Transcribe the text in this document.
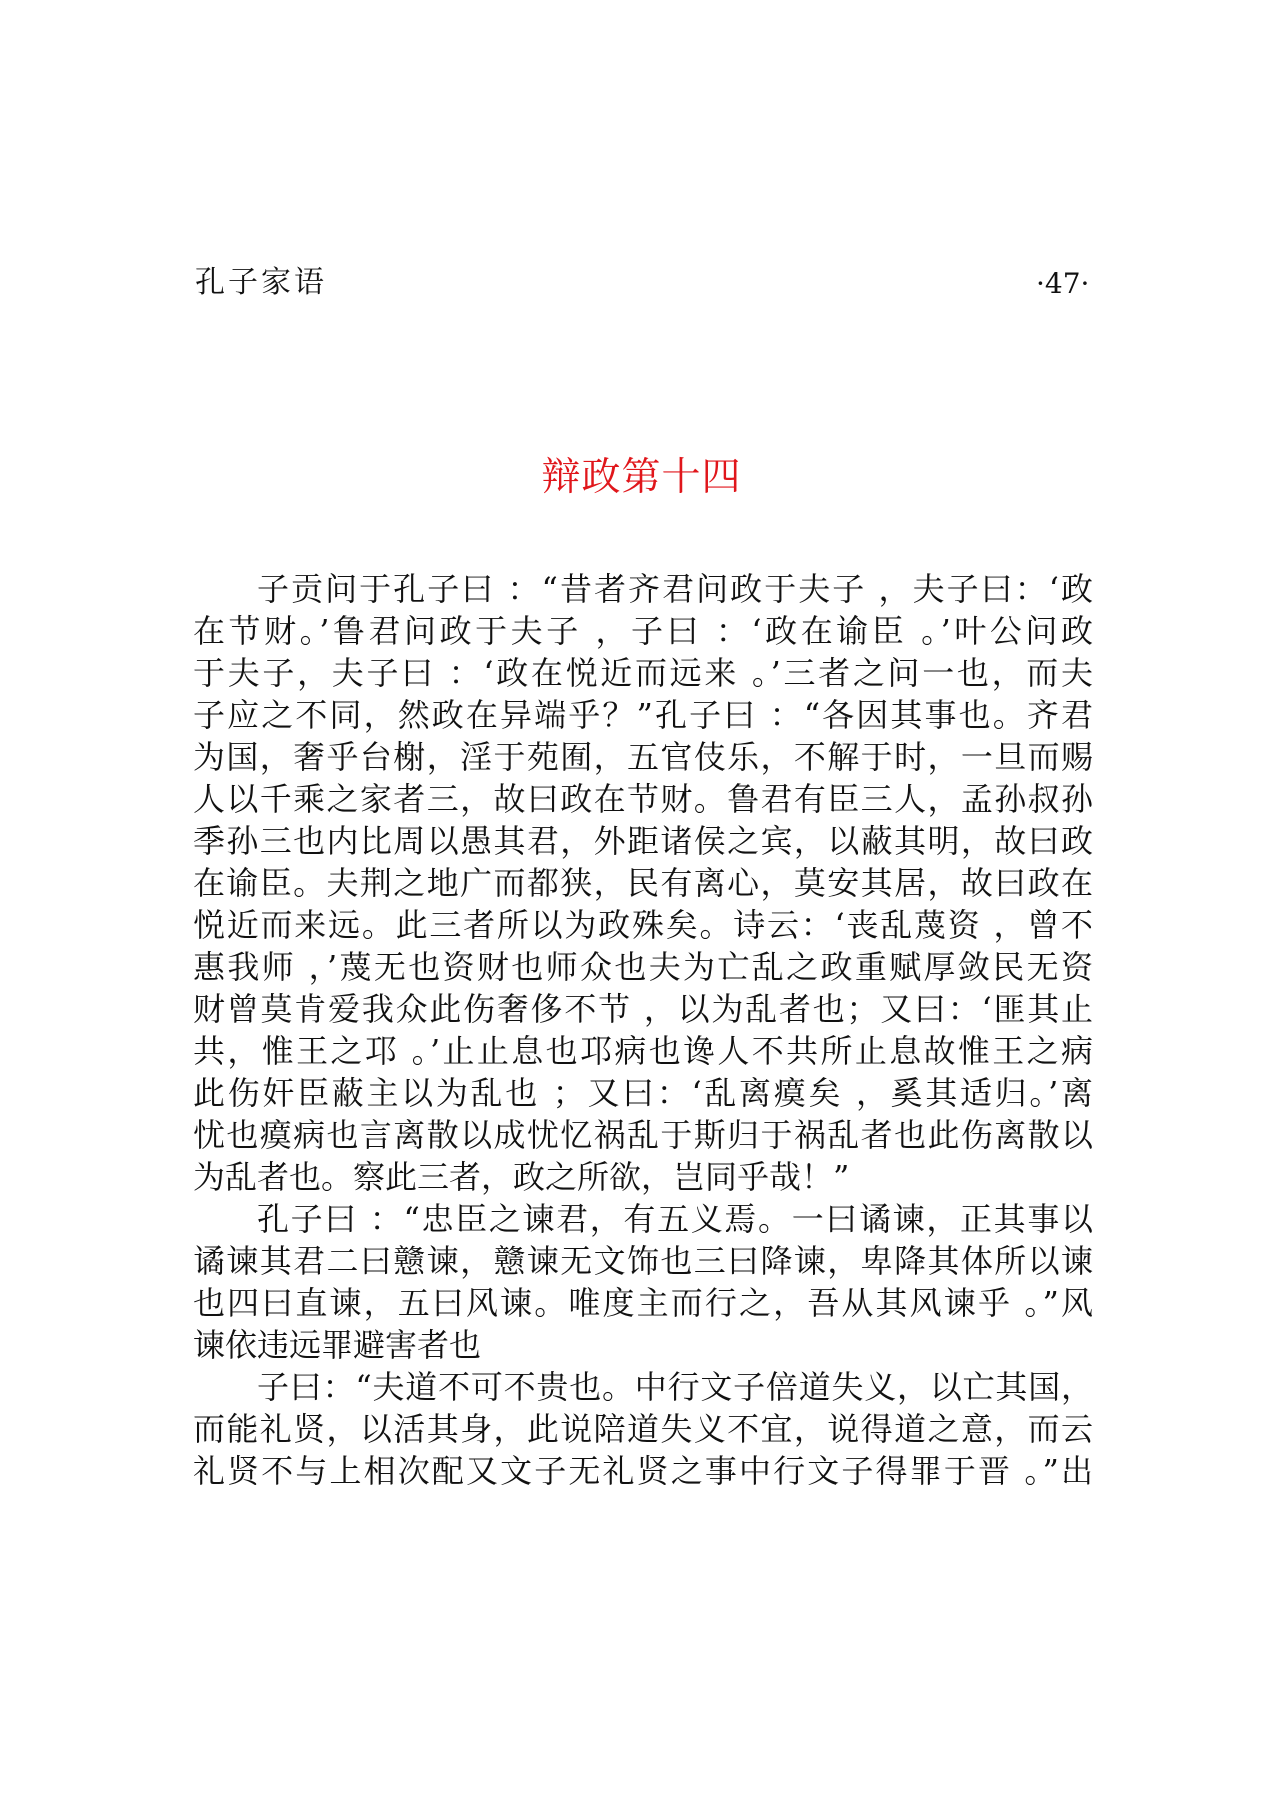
孔子家语	·47·
辩政第十四
子贡问于孔子曰 ：“昔者齐君问政于夫子 ，夫子曰：‘政
在节财。’鲁君问政于夫子 ，子曰 ：‘政在谕臣 。’叶公问政
于夫子，夫子曰 ：‘政在悦近而远来 。’三者之问一也，而夫
子应之不同，然政在异端乎？”孔子曰 ：“各因其事也。齐君
为国，奢乎台榭，淫于苑囿，五官伎乐，不解于时，一旦而赐
人以千乘之家者三，故曰政在节财。鲁君有臣三人，孟孙叔孙
季孙三也内比周以愚其君，外距诸侯之宾，以蔽其明，故曰政
在谕臣。夫荆之地广而都狭，民有离心，莫安其居，故曰政在
悦近而来远。此三者所以为政殊矣。诗云：‘丧乱蔑资 ，曾不
惠我师 ，’蔑无也资财也师众也夫为亡乱之政重赋厚敛民无资
财曾莫肯爱我众此伤奢侈不节 ，以为乱者也；又曰：‘匪其止
共，惟王之邛 。’止止息也邛病也谗人不共所止息故惟王之病
此伤奸臣蔽主以为乱也 ；又曰：‘乱离瘼矣 ，奚其适归。’离
忧也瘼病也言离散以成忧忆祸乱于斯归于祸乱者也此伤离散以
为乱者也。察此三者，政之所欲，岂同乎哉！”
孔子曰 ：“忠臣之谏君，有五义焉。一曰谲谏，正其事以
谲谏其君二曰戆谏，戆谏无文饰也三曰降谏，卑降其体所以谏
也四曰直谏，五曰风谏。唯度主而行之，吾从其风谏乎 。”风
谏依违远罪避害者也
子曰：“夫道不可不贵也。中行文子倍道失义，以亡其国，
而能礼贤，以活其身，此说陪道失义不宜，说得道之意，而云
礼贤不与上相次配又文子无礼贤之事中行文子得罪于晋 。”出
